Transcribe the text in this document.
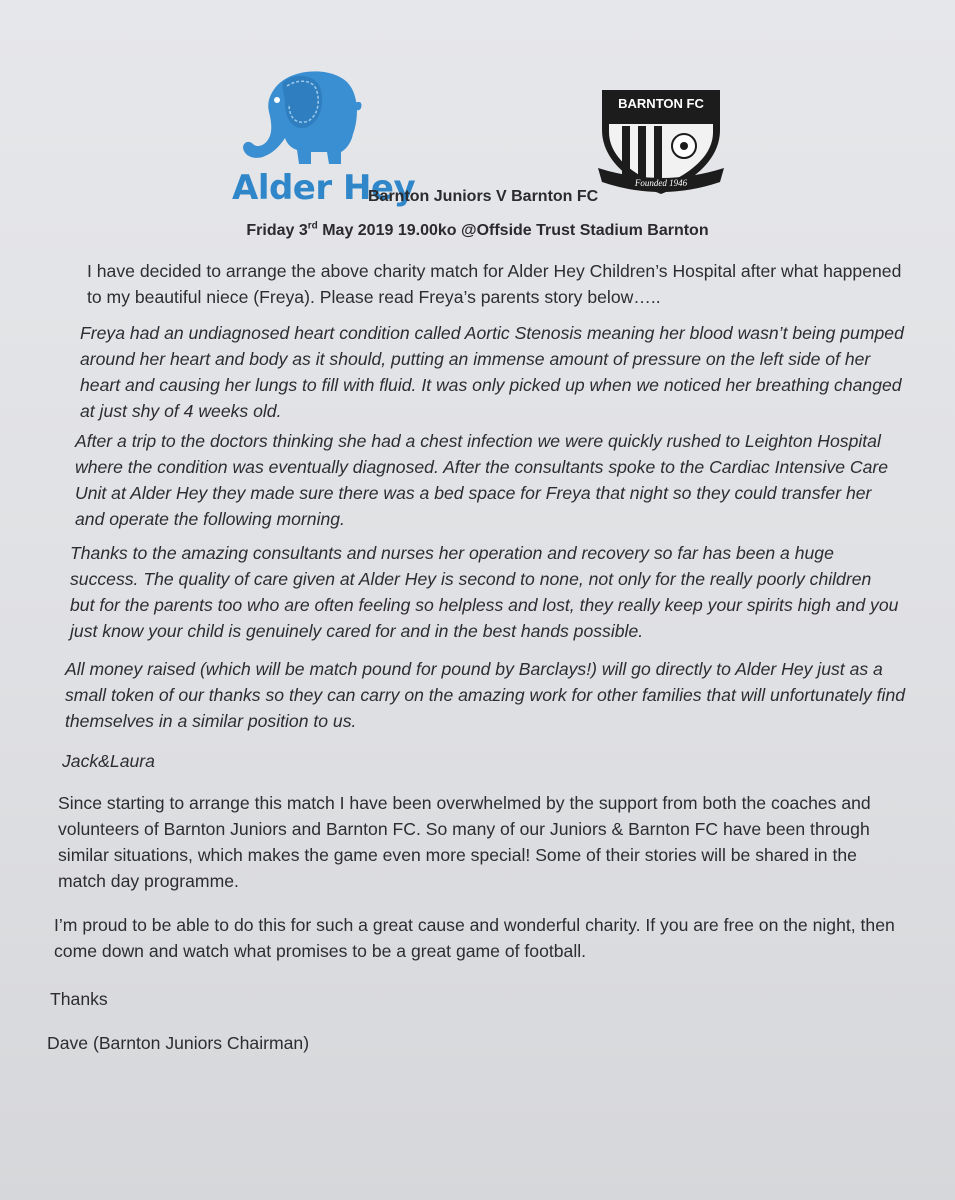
Alder Hey
Barnton Juniors V Barnton FC
BARNTON FC
Founded 1946
Friday 3rd May 2019 19.00ko @Offside Trust Stadium Barnton

I have decided to arrange the above charity match for Alder Hey Children’s Hospital after what happened to my beautiful niece (Freya). Please read Freya’s parents story below…..

Freya had an undiagnosed heart condition called Aortic Stenosis meaning her blood wasn’t being pumped around her heart and body as it should, putting an immense amount of pressure on the left side of her heart and causing her lungs to fill with fluid. It was only picked up when we noticed her breathing changed at just shy of 4 weeks old.

After a trip to the doctors thinking she had a chest infection we were quickly rushed to Leighton Hospital where the condition was eventually diagnosed. After the consultants spoke to the Cardiac Intensive Care Unit at Alder Hey they made sure there was a bed space for Freya that night so they could transfer her and operate the following morning.

Thanks to the amazing consultants and nurses her operation and recovery so far has been a huge success. The quality of care given at Alder Hey is second to none, not only for the really poorly children but for the parents too who are often feeling so helpless and lost, they really keep your spirits high and you just know your child is genuinely cared for and in the best hands possible.

All money raised (which will be match pound for pound by Barclays!) will go directly to Alder Hey just as a small token of our thanks so they can carry on the amazing work for other families that will unfortunately find themselves in a similar position to us.

Jack&Laura

Since starting to arrange this match I have been overwhelmed by the support from both the coaches and volunteers of Barnton Juniors and Barnton FC. So many of our Juniors & Barnton FC have been through similar situations, which makes the game even more special! Some of their stories will be shared in the match day programme.

I’m proud to be able to do this for such a great cause and wonderful charity. If you are free on the night, then come down and watch what promises to be a great game of football.

Thanks

Dave (Barnton Juniors Chairman)
